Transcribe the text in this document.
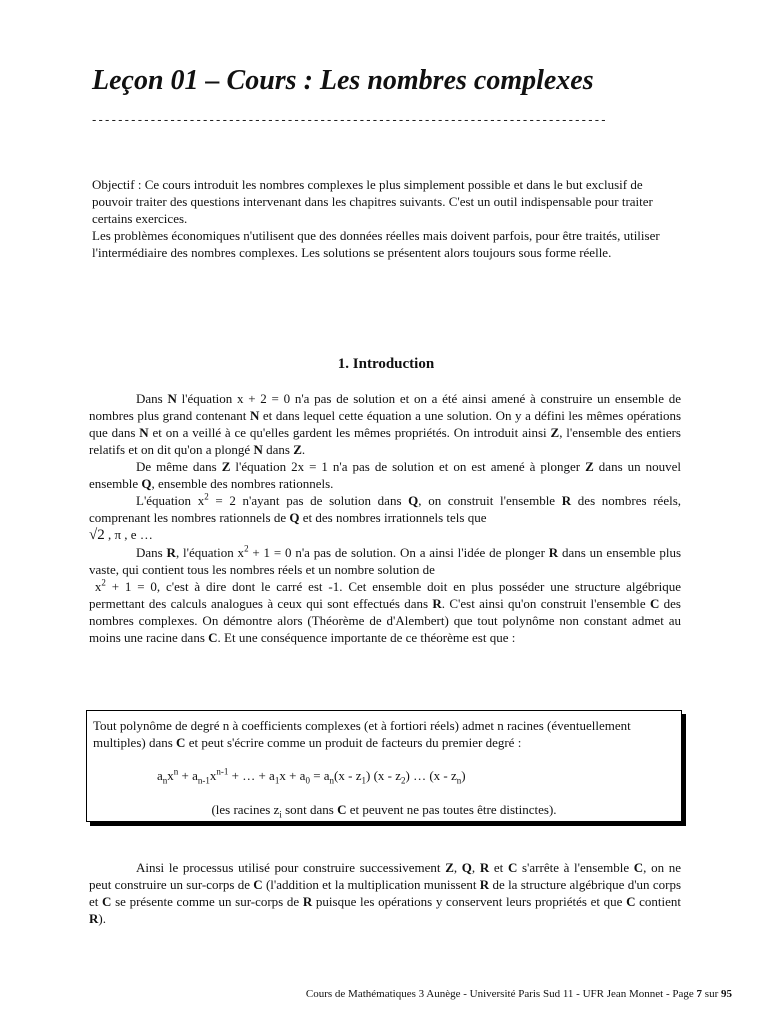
Leçon 01 – Cours : Les nombres complexes
-------------------------------------------------------------------------------

Objectif : Ce cours introduit les nombres complexes le plus simplement possible et dans le but exclusif de pouvoir traiter des questions intervenant dans les chapitres suivants. C'est un outil indispensable pour traiter certains exercices.

Les problèmes économiques n'utilisent que des données réelles mais doivent parfois, pour être traités, utiliser l'intermédiaire des nombres complexes. Les solutions se présentent alors toujours sous forme réelle.

1. Introduction

Dans N l'équation x + 2 = 0 n'a pas de solution et on a été ainsi amené à construire un ensemble de nombres plus grand contenant N et dans lequel cette équation a une solution. On y a défini les mêmes opérations que dans N et on a veillé à ce qu'elles gardent les mêmes propriétés. On introduit ainsi Z, l'ensemble des entiers relatifs et on dit qu'on a plongé N dans Z.

De même dans Z l'équation 2x = 1 n'a pas de solution et on est amené à plonger Z dans un nouvel ensemble Q, ensemble des nombres rationnels.

L'équation $x^2 = 2$ n'ayant pas de solution dans Q, on construit l'ensemble R des nombres réels, comprenant les nombres rationnels de Q et des nombres irrationnels tels que
√2 , π , e …

Dans R, l'équation $x^2 + 1 = 0$ n'a pas de solution. On a ainsi l'idée de plonger R dans un ensemble plus vaste, qui contient tous les nombres réels et un nombre solution de
$x^2 + 1 = 0$, c'est à dire dont le carré est -1. Cet ensemble doit en plus posséder une structure algébrique permettant des calculs analogues à ceux qui sont effectués dans R. C'est ainsi qu'on construit l'ensemble C des nombres complexes. On démontre alors (Théorème de d'Alembert) que tout polynôme non constant admet au moins une racine dans C. Et une conséquence importante de ce théorème est que :

Tout polynôme de degré n à coefficients complexes (et à fortiori réels) admet n racines (éventuellement multiples) dans C et peut s'écrire comme un produit de facteurs du premier degré :

$a_nx^n + a_{n-1}x^{n-1}$ + … + $a_1x + a_0 = a_n(x - z_1)$ $(x - z_2)$ … $(x - z_n)$
(les racines $z_i$ sont dans C et peuvent ne pas toutes être distinctes).

Ainsi le processus utilisé pour construire successivement Z, Q, R et C s'arrête à l'ensemble C, on ne peut construire un sur-corps de C (l'addition et la multiplication munissent R de la structure algébrique d'un corps et C se présente comme un sur-corps de R puisque les opérations y conservent leurs propriétés et que C contient R).

Cours de Mathématiques 3 Aunège - Université Paris Sud 11 - UFR Jean Monnet - Page 7 sur 95
